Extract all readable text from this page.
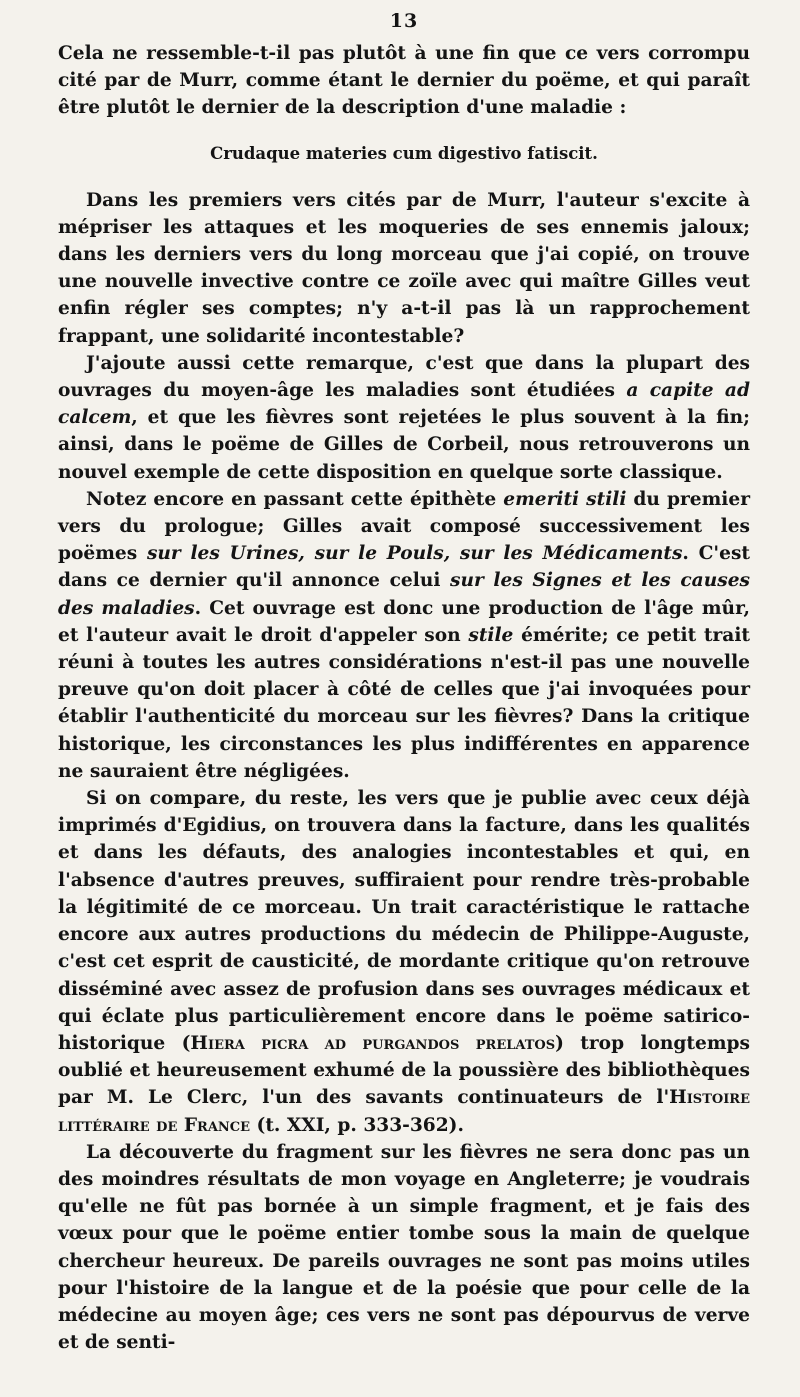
13

Cela ne ressemble-t-il pas plutôt à une fin que ce vers corrompu cité par de Murr, comme étant le dernier du poëme, et qui paraît être plutôt le dernier de la description d'une maladie :

Crudaque materies cum digestivo fatiscit.

Dans les premiers vers cités par de Murr, l'auteur s'excite à mépriser les attaques et les moqueries de ses ennemis jaloux; dans les derniers vers du long morceau que j'ai copié, on trouve une nouvelle invective contre ce zoïle avec qui maître Gilles veut enfin régler ses comptes; n'y a-t-il pas là un rapprochement frappant, une solidarité incontestable?

J'ajoute aussi cette remarque, c'est que dans la plupart des ouvrages du moyen-âge les maladies sont étudiées a capite ad calcem, et que les fièvres sont rejetées le plus souvent à la fin; ainsi, dans le poëme de Gilles de Corbeil, nous retrouverons un nouvel exemple de cette disposition en quelque sorte classique.

Notez encore en passant cette épithète emeriti stili du premier vers du prologue; Gilles avait composé successivement les poëmes sur les Urines, sur le Pouls, sur les Médicaments. C'est dans ce dernier qu'il annonce celui sur les Signes et les causes des maladies. Cet ouvrage est donc une production de l'âge mûr, et l'auteur avait le droit d'appeler son stile émérite; ce petit trait réuni à toutes les autres considérations n'est-il pas une nouvelle preuve qu'on doit placer à côté de celles que j'ai invoquées pour établir l'authenticité du morceau sur les fièvres? Dans la critique historique, les circonstances les plus indifférentes en apparence ne sauraient être négligées.

Si on compare, du reste, les vers que je publie avec ceux déjà imprimés d'Egidius, on trouvera dans la facture, dans les qualités et dans les défauts, des analogies incontestables et qui, en l'absence d'autres preuves, suffiraient pour rendre très-probable la légitimité de ce morceau. Un trait caractéristique le rattache encore aux autres productions du médecin de Philippe-Auguste, c'est cet esprit de causticité, de mordante critique qu'on retrouve disséminé avec assez de profusion dans ses ouvrages médicaux et qui éclate plus particulièrement encore dans le poëme satirico-historique (Hiera picra ad purgandos prelatos) trop longtemps oublié et heureusement exhumé de la poussière des bibliothèques par M. Le Clerc, l'un des savants continuateurs de l'Histoire littéraire de France (t. XXI, p. 333-362).

La découverte du fragment sur les fièvres ne sera donc pas un des moindres résultats de mon voyage en Angleterre; je voudrais qu'elle ne fût pas bornée à un simple fragment, et je fais des vœux pour que le poëme entier tombe sous la main de quelque chercheur heureux. De pareils ouvrages ne sont pas moins utiles pour l'histoire de la langue et de la poésie que pour celle de la médecine au moyen âge; ces vers ne sont pas dépourvus de verve et de senti-
